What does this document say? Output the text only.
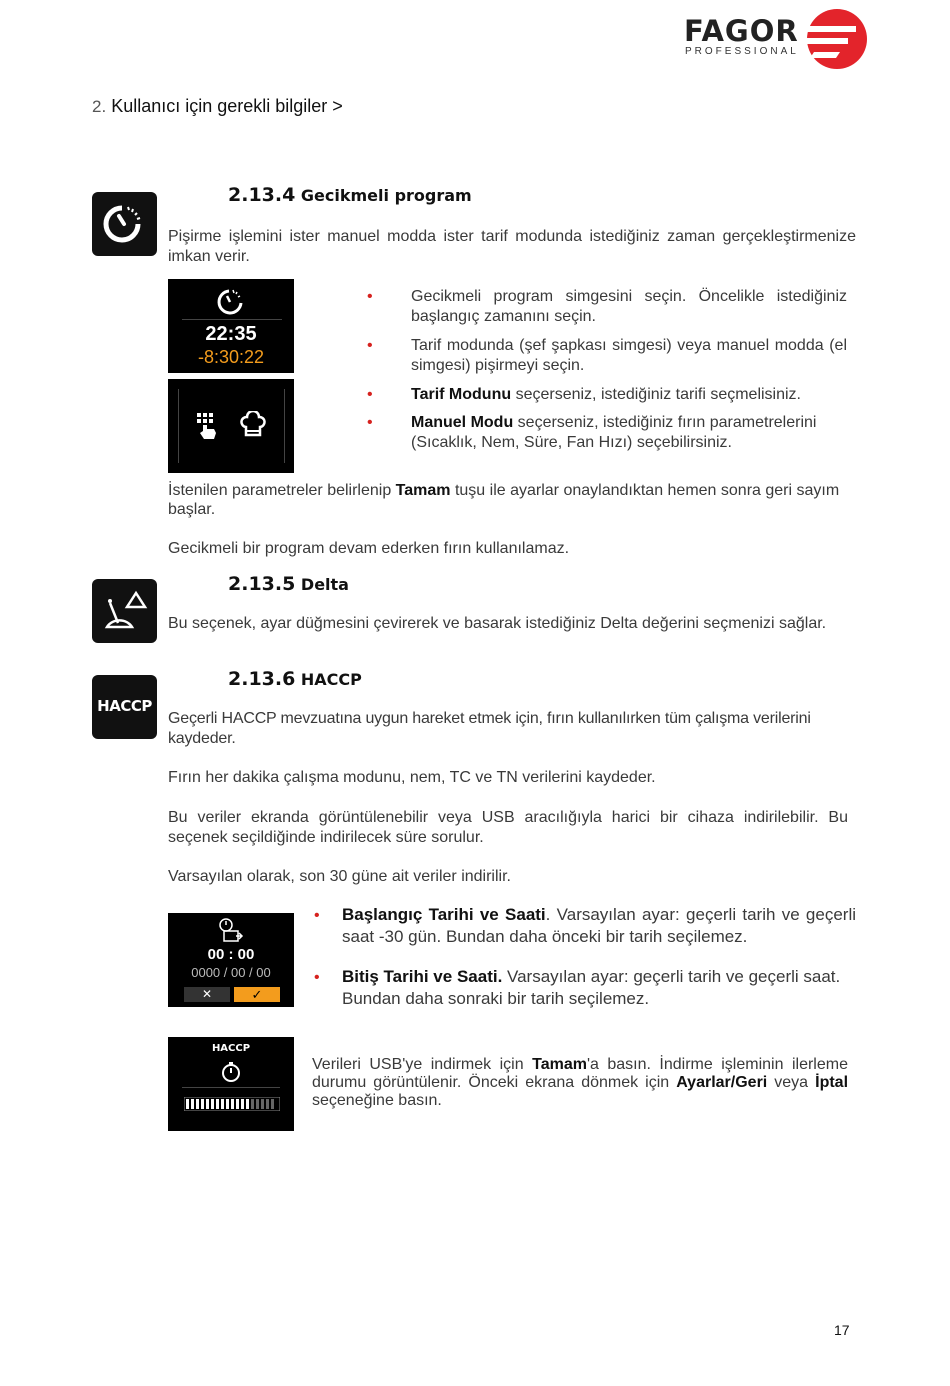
FAGOR
PROFESSIONAL
2. Kullanıcı için gerekli bilgiler >
2.13.4 Gecikmeli program
Pişirme işlemini ister manuel modda ister tarif modunda istediğiniz zaman gerçekleştirmenize imkan verir.
22:35
-8:30:22
• Gecikmeli program simgesini seçin. Öncelikle istediğiniz başlangıç zamanını seçin.
• Tarif modunda (şef şapkası simgesi) veya manuel modda (el simgesi) pişirmeyi seçin.
• Tarif Modunu seçerseniz, istediğiniz tarifi seçmelisiniz.
• Manuel Modu seçerseniz, istediğiniz fırın parametrelerini (Sıcaklık, Nem, Süre, Fan Hızı) seçebilirsiniz.
İstenilen parametreler belirlenip Tamam tuşu ile ayarlar onaylandıktan hemen sonra geri sayım başlar.
Gecikmeli bir program devam ederken fırın kullanılamaz.
2.13.5 Delta
Bu seçenek, ayar düğmesini çevirerek ve basarak istediğiniz Delta değerini seçmenizi sağlar.
HACCP
2.13.6 HACCP
Geçerli HACCP mevzuatına uygun hareket etmek için, fırın kullanılırken tüm çalışma verilerini kaydeder.
Fırın her dakika çalışma modunu, nem, TC ve TN verilerini kaydeder.
Bu veriler ekranda görüntülenebilir veya USB aracılığıyla harici bir cihaza indirilebilir. Bu seçenek seçildiğinde indirilecek süre sorulur.
Varsayılan olarak, son 30 güne ait veriler indirilir.
00 : 00
0000 / 00 / 00
✕	✓
• Başlangıç Tarihi ve Saati. Varsayılan ayar: geçerli tarih ve geçerli saat -30 gün. Bundan daha önceki bir tarih seçilemez.
• Bitiş Tarihi ve Saati. Varsayılan ayar: geçerli tarih ve geçerli saat. Bundan daha sonraki bir tarih seçilemez.
HACCP
Verileri USB'ye indirmek için Tamam'a basın. İndirme işleminin ilerleme durumu görüntülenir. Önceki ekrana dönmek için Ayarlar/Geri veya İptal seçeneğine basın.
17
